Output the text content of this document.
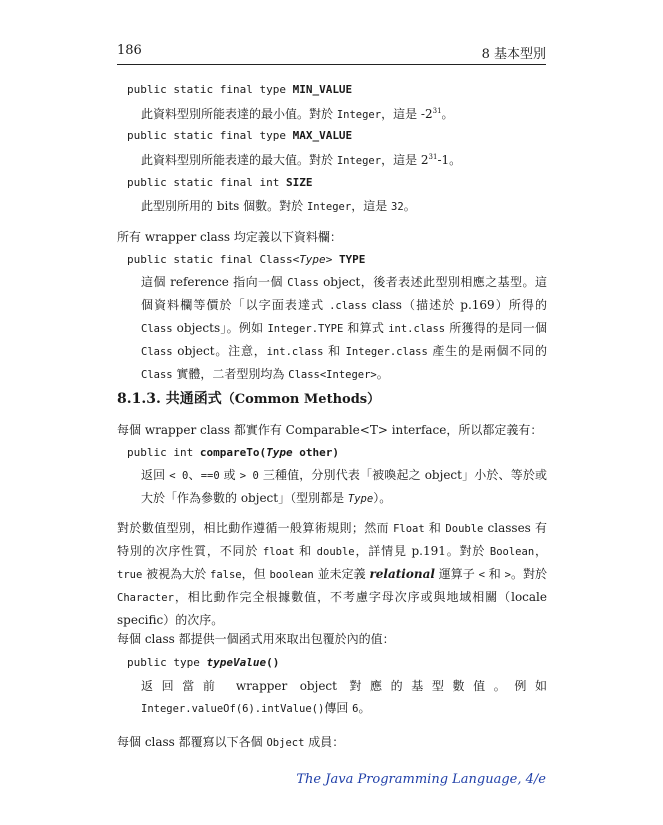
186	8 基本型別
public static final type MIN_VALUE
此資料型別所能表達的最小值。對於 Integer，這是 $-2^{31}$。
public static final type MAX_VALUE
此資料型別所能表達的最大值。對於 Integer，這是 $2^{31}-1$。
public static final int SIZE
此型別所用的 bits 個數。對於 Integer，這是 32。
所有 wrapper class 均定義以下資料欄：
public static final Class<Type> TYPE
這個 reference 指向一個 Class object，後者表述此型別相應之基型。這個資料欄等價於「以字面表達式 .class class（描述於 p.169）所得的 Class objects」。例如 Integer.TYPE 和算式 int.class 所獲得的是同一個 Class object。注意，int.class 和 Integer.class 產生的是兩個不同的 Class 實體，二者型別均為 Class<Integer>。
8.1.3. 共通函式（Common Methods）
每個 wrapper class 都實作有 Comparable<T> interface，所以都定義有：
public int compareTo(Type other)
返回 < 0、==0 或 > 0 三種值，分別代表「被喚起之 object」小於、等於或大於「作為參數的 object」（型別都是 Type）。
對於數值型別，相比動作遵循一般算術規則；然而 Float 和 Double classes 有特別的次序性質，不同於 float 和 double，詳情見 p.191。對於 Boolean，true 被視為大於 false，但 boolean 並未定義 relational 運算子 < 和 >。對於 Character，相比動作完全根據數值，不考慮字母次序或與地域相關（locale specific）的次序。
每個 class 都提供一個函式用來取出包覆於內的值：
public type typeValue()
返回當前 wrapper object 對應的基型數值。例如 Integer.valueOf(6).intValue()傳回 6。
每個 class 都覆寫以下各個 Object 成員：
The Java Programming Language, 4/e
